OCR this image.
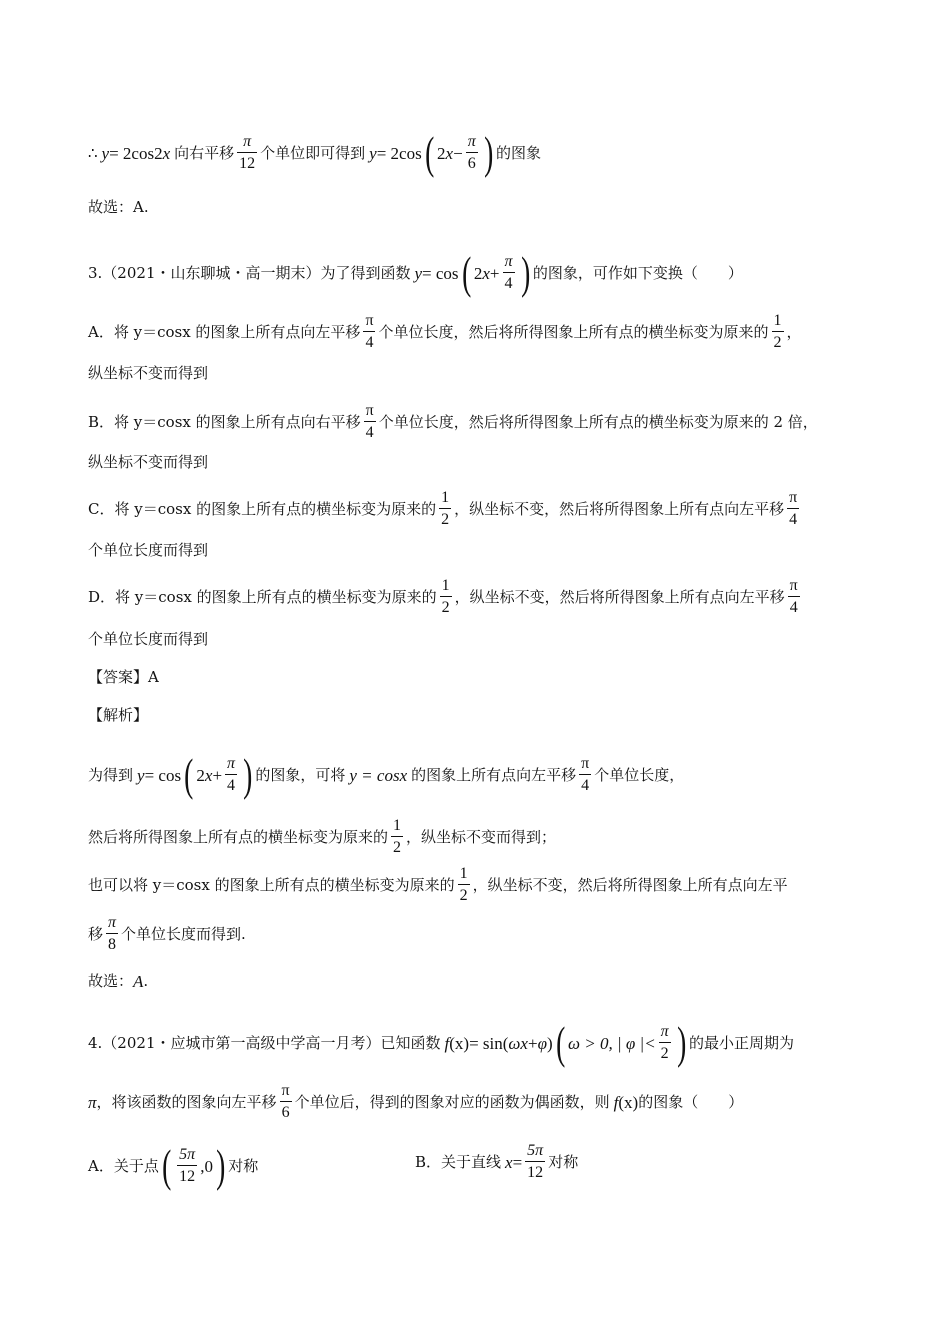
∴ y = 2cos2 x 向右平移 $\frac{\pi}{12}$ 个单位即可得到 y = 2cos ( 2 $x - \frac{\pi}{6}$ ) 的图象
故选：A.
3.（2021・山东聊城・高一期末）为了得到函数 y = cos ( 2 $x + \frac{\pi}{4}$ ) 的图象，可作如下变换（　　）
A．将 y＝cosx 的图象上所有点向左平移 $\frac{\pi}{4}$ 个单位长度，然后将所得图象上所有点的横坐标变为原来的 $\frac{1}{2}$ ，
纵坐标不变而得到
B．将 y＝cosx 的图象上所有点向右平移 $\frac{\pi}{4}$ 个单位长度，然后将所得图象上所有点的横坐标变为原来的 2 倍，
纵坐标不变而得到
C．将 y＝cosx 的图象上所有点的横坐标变为原来的 $\frac{1}{2}$ ，纵坐标不变，然后将所得图象上所有点向左平移 $\frac{\pi}{4}$
个单位长度而得到
D．将 y＝cosx 的图象上所有点的横坐标变为原来的 $\frac{1}{2}$ ，纵坐标不变，然后将所得图象上所有点向左平移 $\frac{\pi}{4}$
个单位长度而得到
【答案】A
【解析】
为得到 y = cos ( 2 $x + \frac{\pi}{4}$ ) 的图象，可将 y = cosx 的图象上所有点向左平移 $\frac{\pi}{4}$ 个单位长度，
然后将所得图象上所有点的横坐标变为原来的 $\frac{1}{2}$ ，纵坐标不变而得到；
也可以将 y＝cosx 的图象上所有点的横坐标变为原来的 $\frac{1}{2}$ ，纵坐标不变，然后将所得图象上所有点向左平
移 $\frac{\pi}{8}$ 个单位长度而得到.
故选： A .
4.（2021・应城市第一高级中学高一月考）已知函数 f (x) = sin( ωx + φ ) ( ω > 0, | φ |< $\frac{\pi}{2}$ ) 的最小正周期为
π ，将该函数的图象向左平移 $\frac{\pi}{6}$ 个单位后，得到的图象对应的函数为偶函数，则 f (x) 的图象（　　）
A．关于点 ( $\frac{5\pi}{12} ,0$ ) 对称	B．关于直线 $x = \frac{5\pi}{12}$ 对称
